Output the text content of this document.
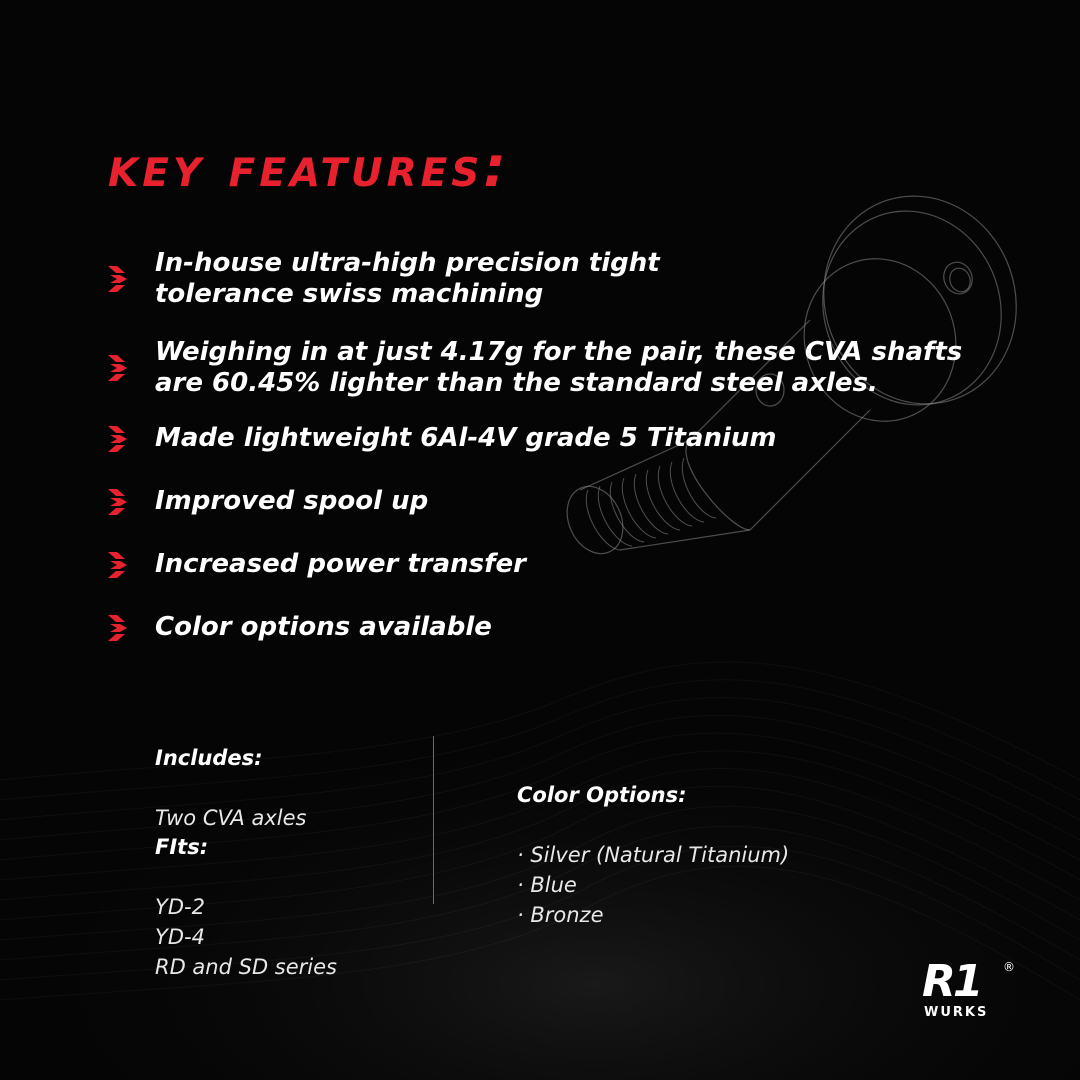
key features:
In-house ultra-high precision tight
tolerance swiss machining
Weighing in at just 4.17g for the pair, these CVA shafts
are 60.45% lighter than the standard steel axles.
Made lightweight 6Al-4V grade 5 Titanium
Improved spool up
Increased power transfer
Color options available

Includes:

Two CVA axles

FIts:

YD-2
YD-4
RD and SD series

Color Options:

· Silver (Natural Titanium)
· Blue
· Bronze

R1 ®
WURKS
